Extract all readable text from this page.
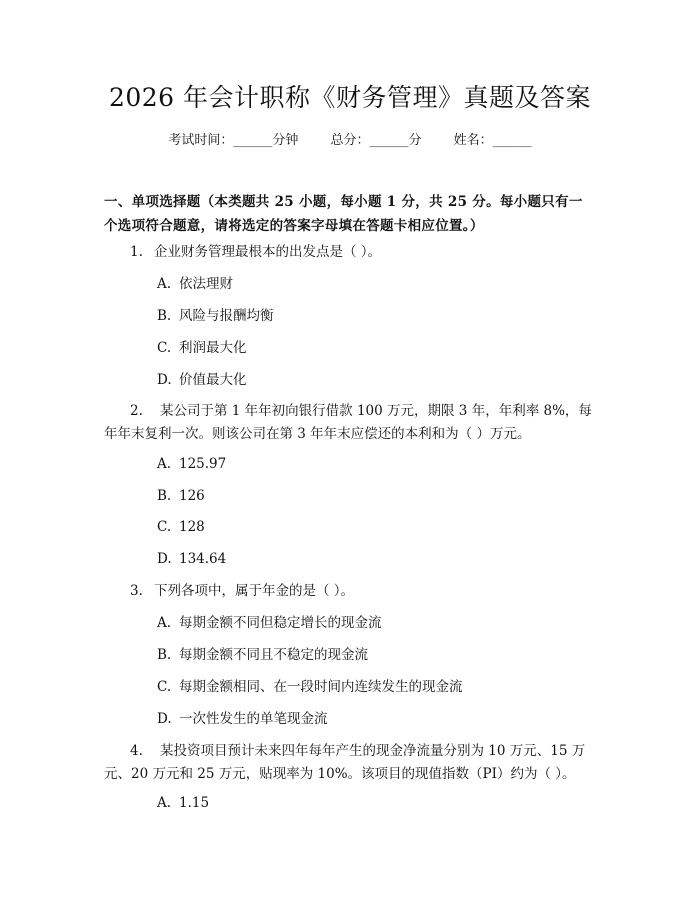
2026 年会计职称《财务管理》真题及答案
考试时间：______分钟 总分：______分 姓名：______
一、单项选择题（本类题共 25 小题，每小题 1 分，共 25 分。每小题只有一个选项符合题意，请将选定的答案字母填在答题卡相应位置。）
1. 企业财务管理最根本的出发点是（ ）。
A. 依法理财
B. 风险与报酬均衡
C. 利润最大化
D. 价值最大化
2. 某公司于第 1 年年初向银行借款 100 万元，期限 3 年，年利率 8%，每年年末复利一次。则该公司在第 3 年年末应偿还的本利和为（ ）万元。
A. 125.97
B. 126
C. 128
D. 134.64
3. 下列各项中，属于年金的是（ ）。
A. 每期金额不同但稳定增长的现金流
B. 每期金额不同且不稳定的现金流
C. 每期金额相同、在一段时间内连续发生的现金流
D. 一次性发生的单笔现金流
4. 某投资项目预计未来四年每年产生的现金净流量分别为 10 万元、15 万元、20 万元和 25 万元，贴现率为 10%。该项目的现值指数（PI）约为（ ）。
A. 1.15
